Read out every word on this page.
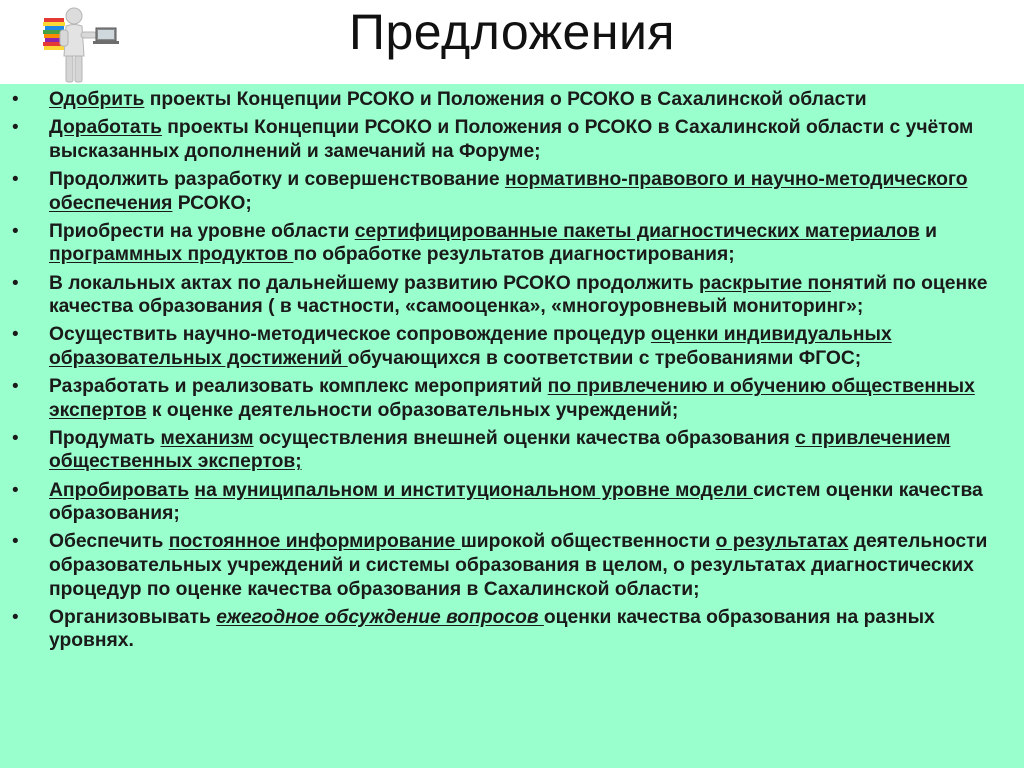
Предложения
• Одобрить проекты Концепции РСОКО и Положения о РСОКО в Сахалинской области
• Доработать проекты Концепции РСОКО и Положения о РСОКО в Сахалинской области с учётом высказанных дополнений и замечаний на Форуме;
• Продолжить разработку и совершенствование нормативно-правового и научно-методического обеспечения РСОКО;
• Приобрести на уровне области сертифицированные пакеты диагностических материалов и программных продуктов по обработке результатов диагностирования;
• В локальных актах по дальнейшему развитию РСОКО продолжить раскрытие понятий по оценке качества образования ( в частности, «самооценка», «многоуровневый мониторинг»;
• Осуществить научно-методическое сопровождение процедур оценки индивидуальных образовательных достижений обучающихся в соответствии с требованиями ФГОС;
• Разработать и реализовать комплекс мероприятий по привлечению и обучению общественных экспертов к оценке деятельности образовательных учреждений;
• Продумать механизм осуществления внешней оценки качества образования с привлечением общественных экспертов;
• Апробировать на муниципальном и институциональном уровне модели систем оценки качества образования;
• Обеспечить постоянное информирование широкой общественности о результатах деятельности образовательных учреждений и системы образования в целом, о результатах диагностических процедур по оценке качества образования в Сахалинской области;
• Организовывать ежегодное обсуждение вопросов оценки качества образования на разных уровнях.
